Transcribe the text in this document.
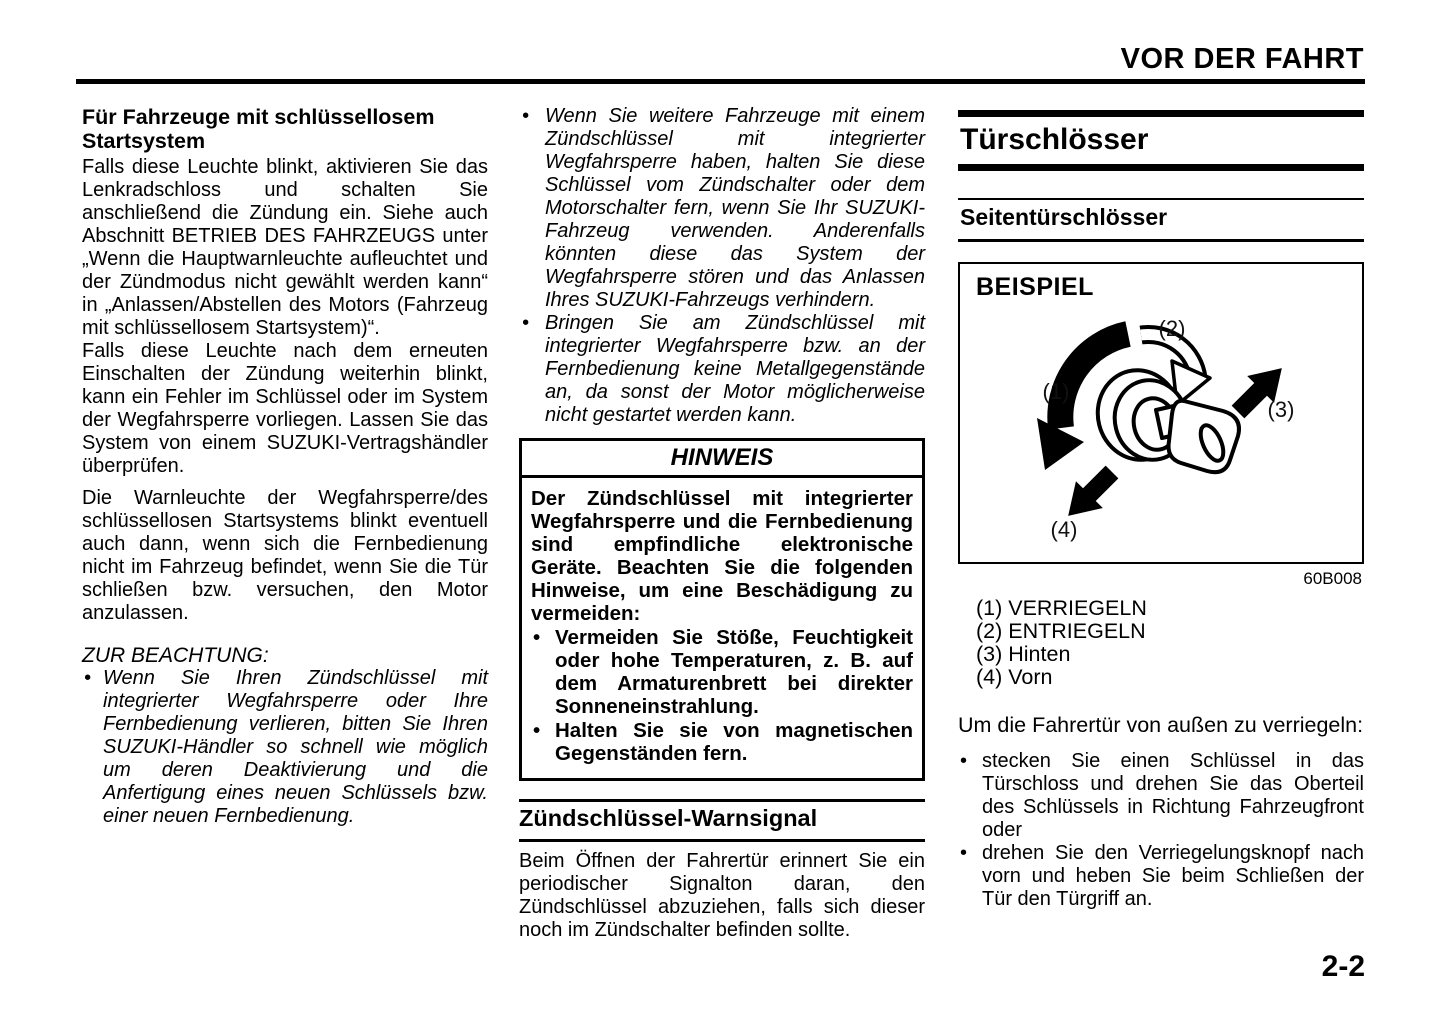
VOR DER FAHRT
Für Fahrzeuge mit schlüssellosem Startsystem

Falls diese Leuchte blinkt, aktivieren Sie das Lenkradschloss und schalten Sie anschließend die Zündung ein. Siehe auch Abschnitt BETRIEB DES FAHRZEUGS unter „Wenn die Hauptwarnleuchte aufleuchtet und der Zündmodus nicht gewählt werden kann“ in „Anlassen/Abstellen des Motors (Fahrzeug mit schlüssellosem Startsystem)“.

Falls diese Leuchte nach dem erneuten Einschalten der Zündung weiterhin blinkt, kann ein Fehler im Schlüssel oder im System der Wegfahrsperre vorliegen. Lassen Sie das System von einem SUZUKI-Vertragshändler überprüfen.

Die Warnleuchte der Wegfahrsperre/des schlüssellosen Startsystems blinkt eventuell auch dann, wenn sich die Fernbedienung nicht im Fahrzeug befindet, wenn Sie die Tür schließen bzw. versuchen, den Motor anzulassen.

ZUR BEACHTUNG:
• Wenn Sie Ihren Zündschlüssel mit integrierter Wegfahrsperre oder Ihre Fernbedienung verlieren, bitten Sie Ihren SUZUKI-Händler so schnell wie möglich um deren Deaktivierung und die Anfertigung eines neuen Schlüssels bzw. einer neuen Fernbedienung.
• Wenn Sie weitere Fahrzeuge mit einem Zündschlüssel mit integrierter Wegfahrsperre haben, halten Sie diese Schlüssel vom Zündschalter oder dem Motorschalter fern, wenn Sie Ihr SUZUKI-Fahrzeug verwenden. Anderenfalls könnten diese das System der Wegfahrsperre stören und das Anlassen Ihres SUZUKI-Fahrzeugs verhindern.
• Bringen Sie am Zündschlüssel mit integrierter Wegfahrsperre bzw. an der Fernbedienung keine Metallgegenstände an, da sonst der Motor möglicherweise nicht gestartet werden kann.
HINWEIS

Der Zündschlüssel mit integrierter Wegfahrsperre und die Fernbedienung sind empfindliche elektronische Geräte. Beachten Sie die folgenden Hinweise, um eine Beschädigung zu vermeiden:

• Vermeiden Sie Stöße, Feuchtigkeit oder hohe Temperaturen, z. B. auf dem Armaturenbrett bei direkter Sonneneinstrahlung.
• Halten Sie sie von magnetischen Gegenständen fern.
Zündschlüssel-Warnsignal

Beim Öffnen der Fahrertür erinnert Sie ein periodischer Signalton daran, den Zündschlüssel abzuziehen, falls sich dieser noch im Zündschalter befinden sollte.

Türschlösser
Seitentürschlösser
BEISPIEL
(1)
(2)
(3)
(4)
60B008
(1) VERRIEGELN
(2) ENTRIEGELN
(3) Hinten
(4) Vorn

Um die Fahrertür von außen zu verriegeln:

• stecken Sie einen Schlüssel in das Türschloss und drehen Sie das Oberteil des Schlüssels in Richtung Fahrzeugfront oder
• drehen Sie den Verriegelungsknopf nach vorn und heben Sie beim Schließen der Tür den Türgriff an.
2-2
